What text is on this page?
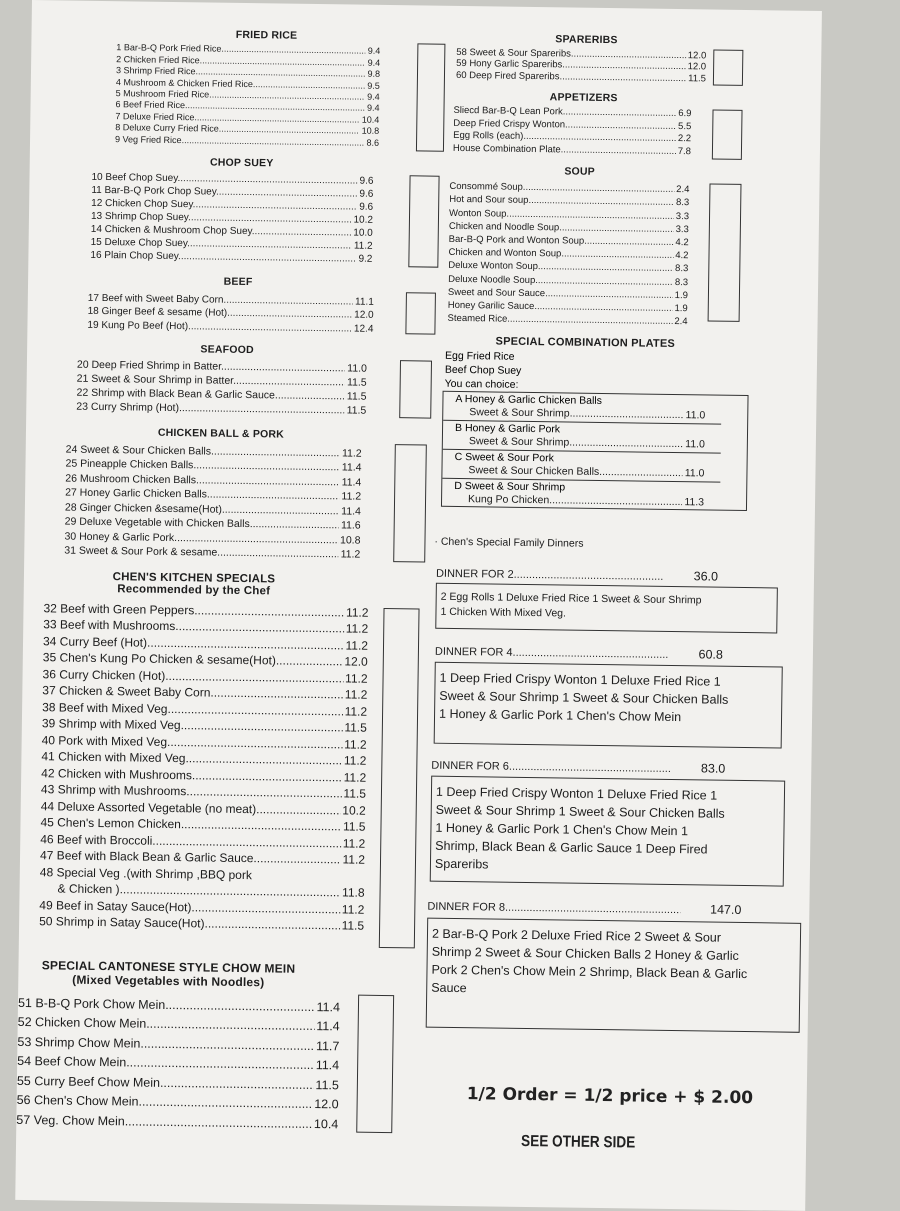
FRIED RICE
1 Bar-B-Q Pork Fried Rice .....	9.4
2 Chicken Fried Rice .....	9.4
3 Shrimp Fried Rice .....	9.8
4 Mushroom & Chicken Fried Rice .....	9.5
5 Mushroom Fried Rice .....	9.4
6 Beef Fried Rice .....	9.4
7 Deluxe Fried Rice .....	10.4
8 Deluxe Curry Fried Rice .....	10.8
9 Veg Fried Rice .....	8.6
CHOP SUEY
10 Beef Chop Suey .....	9.6
11 Bar-B-Q Pork Chop Suey .....	9.6
12 Chicken Chop Suey .....	9.6
13 Shrimp Chop Suey .....	10.2
14 Chicken & Mushroom Chop Suey .....	10.0
15 Deluxe Chop Suey .....	11.2
16 Plain Chop Suey .....	9.2
BEEF
17 Beef with Sweet Baby Corn .....	11.1
18 Ginger Beef & sesame (Hot) .....	12.0
19 Kung Po Beef (Hot) .....	12.4
SEAFOOD
20 Deep Fried Shrimp in Batter .....	11.0
21 Sweet & Sour Shrimp in Batter .....	11.5
22 Shrimp with Black Bean & Garlic Sauce .....	11.5
23 Curry Shrimp (Hot) .....	11.5
CHICKEN BALL & PORK
24 Sweet & Sour Chicken Balls .....	11.2
25 Pineapple Chicken Balls .....	11.4
26 Mushroom Chicken Balls .....	11.4
27 Honey Garlic Chicken Balls .....	11.2
28 Ginger Chicken &sesame(Hot) .....	11.4
29 Deluxe Vegetable with Chicken Balls .....	11.6
30 Honey & Garlic Pork .....	10.8
31 Sweet & Sour Pork & sesame .....	11.2
CHEN'S KITCHEN SPECIALS
Recommended by the Chef
32 Beef with Green Peppers .....	11.2
33 Beef with Mushrooms .....	11.2
34 Curry Beef (Hot) .....	11.2
35 Chen's Kung Po Chicken & sesame(Hot) .....	12.0
36 Curry Chicken (Hot) .....	11.2
37 Chicken & Sweet Baby Corn .....	11.2
38 Beef with Mixed Veg .....	11.2
39 Shrimp with Mixed Veg .....	11.5
40 Pork with Mixed Veg .....	11.2
41 Chicken with Mixed Veg .....	11.2
42 Chicken with Mushrooms .....	11.2
43 Shrimp with Mushrooms .....	11.5
44 Deluxe Assorted Vegetable (no meat) .....	10.2
45 Chen's Lemon Chicken .....	11.5
46 Beef with Broccoli .....	11.2
47 Beef with Black Bean & Garlic Sauce .....	11.2
48 Special Veg .(with Shrimp ,BBQ pork
& Chicken ) .....	11.8
49 Beef in Satay Sauce(Hot) .....	11.2
50 Shrimp in Satay Sauce(Hot) .....	11.5
SPECIAL CANTONESE STYLE CHOW MEIN
(Mixed Vegetables with Noodles)
51 B-B-Q Pork Chow Mein .....	11.4
52 Chicken Chow Mein .....	11.4
53 Shrimp Chow Mein .....	11.7
54 Beef Chow Mein .....	11.4
55 Curry Beef Chow Mein .....	11.5
56 Chen's Chow Mein .....	12.0
57 Veg. Chow Mein .....	10.4
SPARERIBS
58 Sweet & Sour Spareribs .....	12.0
59 Hony Garlic Spareribs .....	12.0
60 Deep Fired Spareribs .....	11.5
APPETIZERS
Sliecd Bar-B-Q Lean Pork .....	6.9
Deep Fried Crispy Wonton .....	5.5
Egg Rolls (each) .....	2.2
House Combination Plate .....	7.8
SOUP
Consommé Soup .....	2.4
Hot and Sour soup .....	8.3
Wonton Soup .....	3.3
Chicken and Noodle Soup .....	3.3
Bar-B-Q Pork and Wonton Soup .....	4.2
Chicken and Wonton Soup .....	4.2
Deluxe Wonton Soup .....	8.3
Deluxe Noodle Soup .....	8.3
Sweet and Sour Sauce .....	1.9
Honey Garilic Sauce .....	1.9
Steamed Rice .....	2.4
SPECIAL COMBINATION PLATES
Egg Fried Rice
Beef Chop Suey
You can choice:
A Honey & Garlic Chicken Balls
Sweet & Sour Shrimp .....	11.0
B Honey & Garlic Pork
Sweet & Sour Shrimp .....	11.0
C Sweet & Sour Pork
Sweet & Sour Chicken Balls .....	11.0
D Sweet & Sour Shrimp
Kung Po Chicken .....	11.3
· Chen's Special Family Dinners
1/2 Order = 1/2 price + $ 2.00
SEE OTHER SIDE
DINNER FOR 2 .....	36.0
2 Egg Rolls 1 Deluxe Fried Rice 1 Sweet & Sour Shrimp
1 Chicken With Mixed Veg.
DINNER FOR 4 .....	60.8
1 Deep Fried Crispy Wonton 1 Deluxe Fried Rice 1
Sweet & Sour Shrimp 1 Sweet & Sour Chicken Balls
1 Honey & Garlic Pork 1 Chen's Chow Mein
DINNER FOR 6 .....	83.0
1 Deep Fried Crispy Wonton 1 Deluxe Fried Rice 1
Sweet & Sour Shrimp 1 Sweet & Sour Chicken Balls
1 Honey & Garlic Pork 1 Chen's Chow Mein 1
Shrimp, Black Bean & Garlic Sauce 1 Deep Fired
Spareribs
DINNER FOR 8 .....	147.0
2 Bar-B-Q Pork 2 Deluxe Fried Rice 2 Sweet & Sour
Shrimp 2 Sweet & Sour Chicken Balls 2 Honey & Garlic
Pork 2 Chen's Chow Mein 2 Shrimp, Black Bean & Garlic
Sauce
